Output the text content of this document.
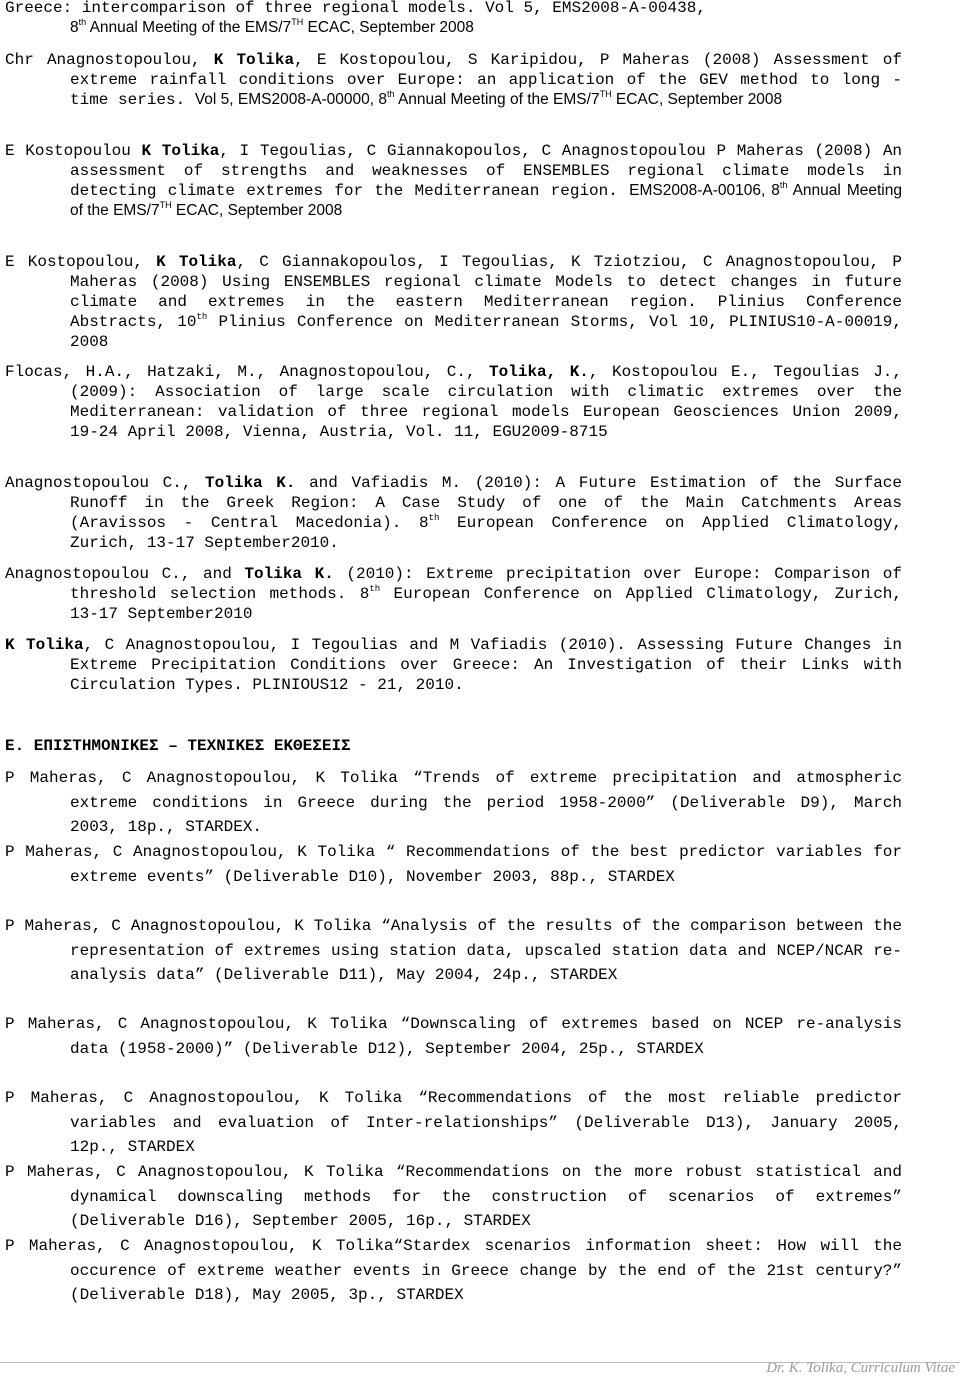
Greece: intercomparison of three regional models. Vol 5, EMS2008-A-00438,
8th Annual Meeting of the EMS/7TH ECAC, September 2008
Chr Anagnostopoulou, K Tolika, E Kostopoulou, S Karipidou, P Maheras (2008) Assessment of extreme rainfall conditions over Europe: an application of the GEV method to long - time series. Vol 5, EMS2008-A-00000, 8th Annual Meeting of the EMS/7TH ECAC, September 2008
E Kostopoulou K Tolika, I Tegoulias, C Giannakopoulos, C Anagnostopoulou P Maheras (2008) An assessment of strengths and weaknesses of ENSEMBLES regional climate models in detecting climate extremes for the Mediterranean region. EMS2008-A-00106, 8th Annual Meeting of the EMS/7TH ECAC, September 2008
E Kostopoulou, K Tolika, C Giannakopoulos, I Tegoulias, K Tziotziou, C Anagnostopoulou, P Maheras (2008) Using ENSEMBLES regional climate Models to detect changes in future climate and extremes in the eastern Mediterranean region. Plinius Conference Abstracts, 10th Plinius Conference on Mediterranean Storms, Vol 10, PLINIUS10-A-00019, 2008
Flocas, H.A., Hatzaki, M., Anagnostopoulou, C., Tolika, K., Kostopoulou E., Tegoulias J., (2009): Association of large scale circulation with climatic extremes over the Mediterranean: validation of three regional models European Geosciences Union 2009, 19-24 April 2008, Vienna, Austria, Vol. 11, EGU2009-8715
Anagnostopoulou C., Tolika K. and Vafiadis M. (2010): A Future Estimation of the Surface Runoff in the Greek Region: A Case Study of one of the Main Catchments Areas (Aravissos - Central Macedonia). 8th European Conference on Applied Climatology, Zurich, 13-17 September2010.
Anagnostopoulou C., and Tolika K. (2010): Extreme precipitation over Europe: Comparison of threshold selection methods. 8th European Conference on Applied Climatology, Zurich, 13-17 September2010
K Tolika, C Anagnostopoulou, I Tegoulias and M Vafiadis (2010). Assessing Future Changes in Extreme Precipitation Conditions over Greece: An Investigation of their Links with Circulation Types. PLINIOUS12 - 21, 2010.
Ε. ΕΠΙΣΤΗΜΟΝΙΚΕΣ – ΤΕΧΝΙΚΕΣ ΕΚΘΕΣΕΙΣ
P Maheras, C Anagnostopoulou, K Tolika “Trends of extreme precipitation and atmospheric extreme conditions in Greece during the period 1958-2000” (Deliverable D9), March 2003, 18p., STARDEX.
P Maheras, C Anagnostopoulou, K Tolika “ Recommendations of the best predictor variables for extreme events” (Deliverable D10), November 2003, 88p., STARDEX
P Maheras, C Anagnostopoulou, K Tolika “Analysis of the results of the comparison between the representation of extremes using station data, upscaled station data and NCEP/NCAR re-analysis data” (Deliverable D11), May 2004, 24p., STARDEX
P Maheras, C Anagnostopoulou, K Tolika “Downscaling of extremes based on NCEP re-analysis data (1958-2000)” (Deliverable D12), September 2004, 25p., STARDEX
P Maheras, C Anagnostopoulou, K Tolika “Recommendations of the most reliable predictor variables and evaluation of Inter-relationships” (Deliverable D13), January 2005, 12p., STARDEX
P Maheras, C Anagnostopoulou, K Tolika “Recommendations on the more robust statistical and dynamical downscaling methods for the construction of scenarios of extremes” (Deliverable D16), September 2005, 16p., STARDEX
P Maheras, C Anagnostopoulou, K Tolika“Stardex scenarios information sheet: How will the occurence of extreme weather events in Greece change by the end of the 21st century?” (Deliverable D18), May 2005, 3p., STARDEX
Dr. K. Tolika, Curriculum Vitae
